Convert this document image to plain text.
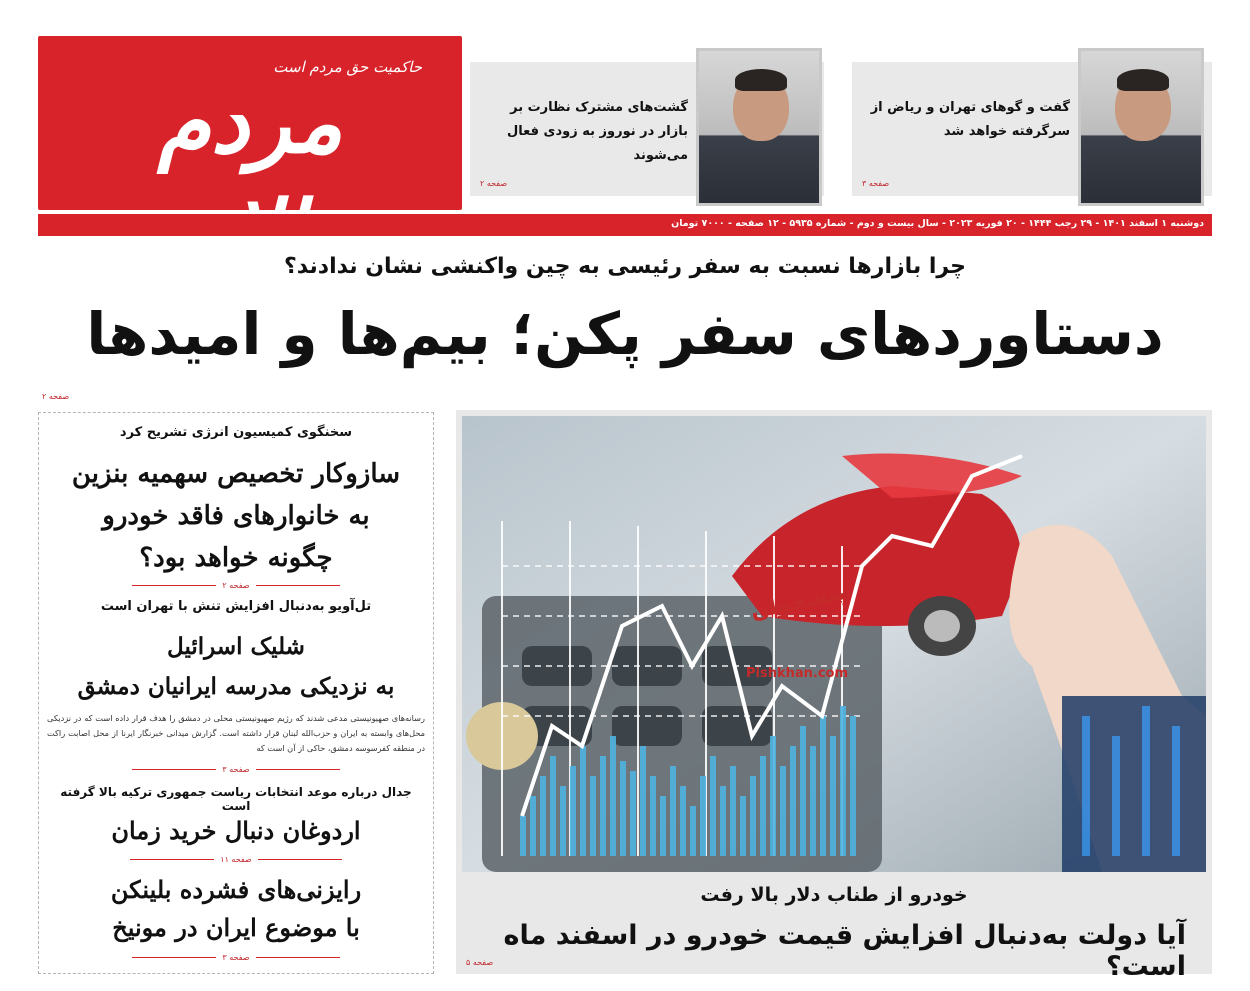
حاکمیت حق مردم است
مردم	گشت‌های مشترک نظارت بر بازار در نوروز به زودی فعال می‌شوند
صفحه ۲
گفت‌ و گوهای تهران و ریاض از سرگرفته خواهد شد
صفحه ۳
دوشنبه ۱ اسفند ۱۴۰۱ - ۲۹ رجب ۱۴۴۴ - ۲۰ فوریه ۲۰۲۳ - سال بیست و دوم - شماره ۵۹۳۵ - ۱۲ صفحه - ۷۰۰۰ تومان
چرا بازارها نسبت به سفر رئیسی به چین واکنشی نشان ندادند؟
دستاوردهای سفر پکن؛ بیم‌ها و امیدها
صفحه ۲
سخنگوی کمیسیون انرژی تشریح کرد
سازوکار تخصیص سهمیه بنزین
به خانوارهای فاقد خودرو
چگونه خواهد بود؟
صفحه ۲
تل‌آویو به‌دنبال افزایش تنش با تهران است
شلیک اسرائیل
به نزدیکی مدرسه ایرانیان دمشق
رسانه‌های صهیونیستی مدعی شدند که رژیم صهیونیستی محلی در دمشق را هدف قرار داده است که در نزدیکی محل‌های وابسته به ایران و حزب‌الله لبنان قرار داشته است. گزارش میدانی خبرنگار ایرنا از محل اصابت راکت در منطقه کفرسوسه دمشق، حاکی از آن است که
صفحه ۳
جدال درباره موعد انتخابات ریاست جمهوری ترکیه بالا گرفته است
اردوغان دنبال خرید زمان
صفحه ۱۱
رایزنی‌های فشرده بلینکن
با موضوع ایران در مونیخ
صفحه ۳
پیشخوان
Pishkhan.com
خودرو از طناب دلار بالا رفت
آیا دولت به‌دنبال افزایش قیمت خودرو در اسفند ماه است؟
صفحه ۵
